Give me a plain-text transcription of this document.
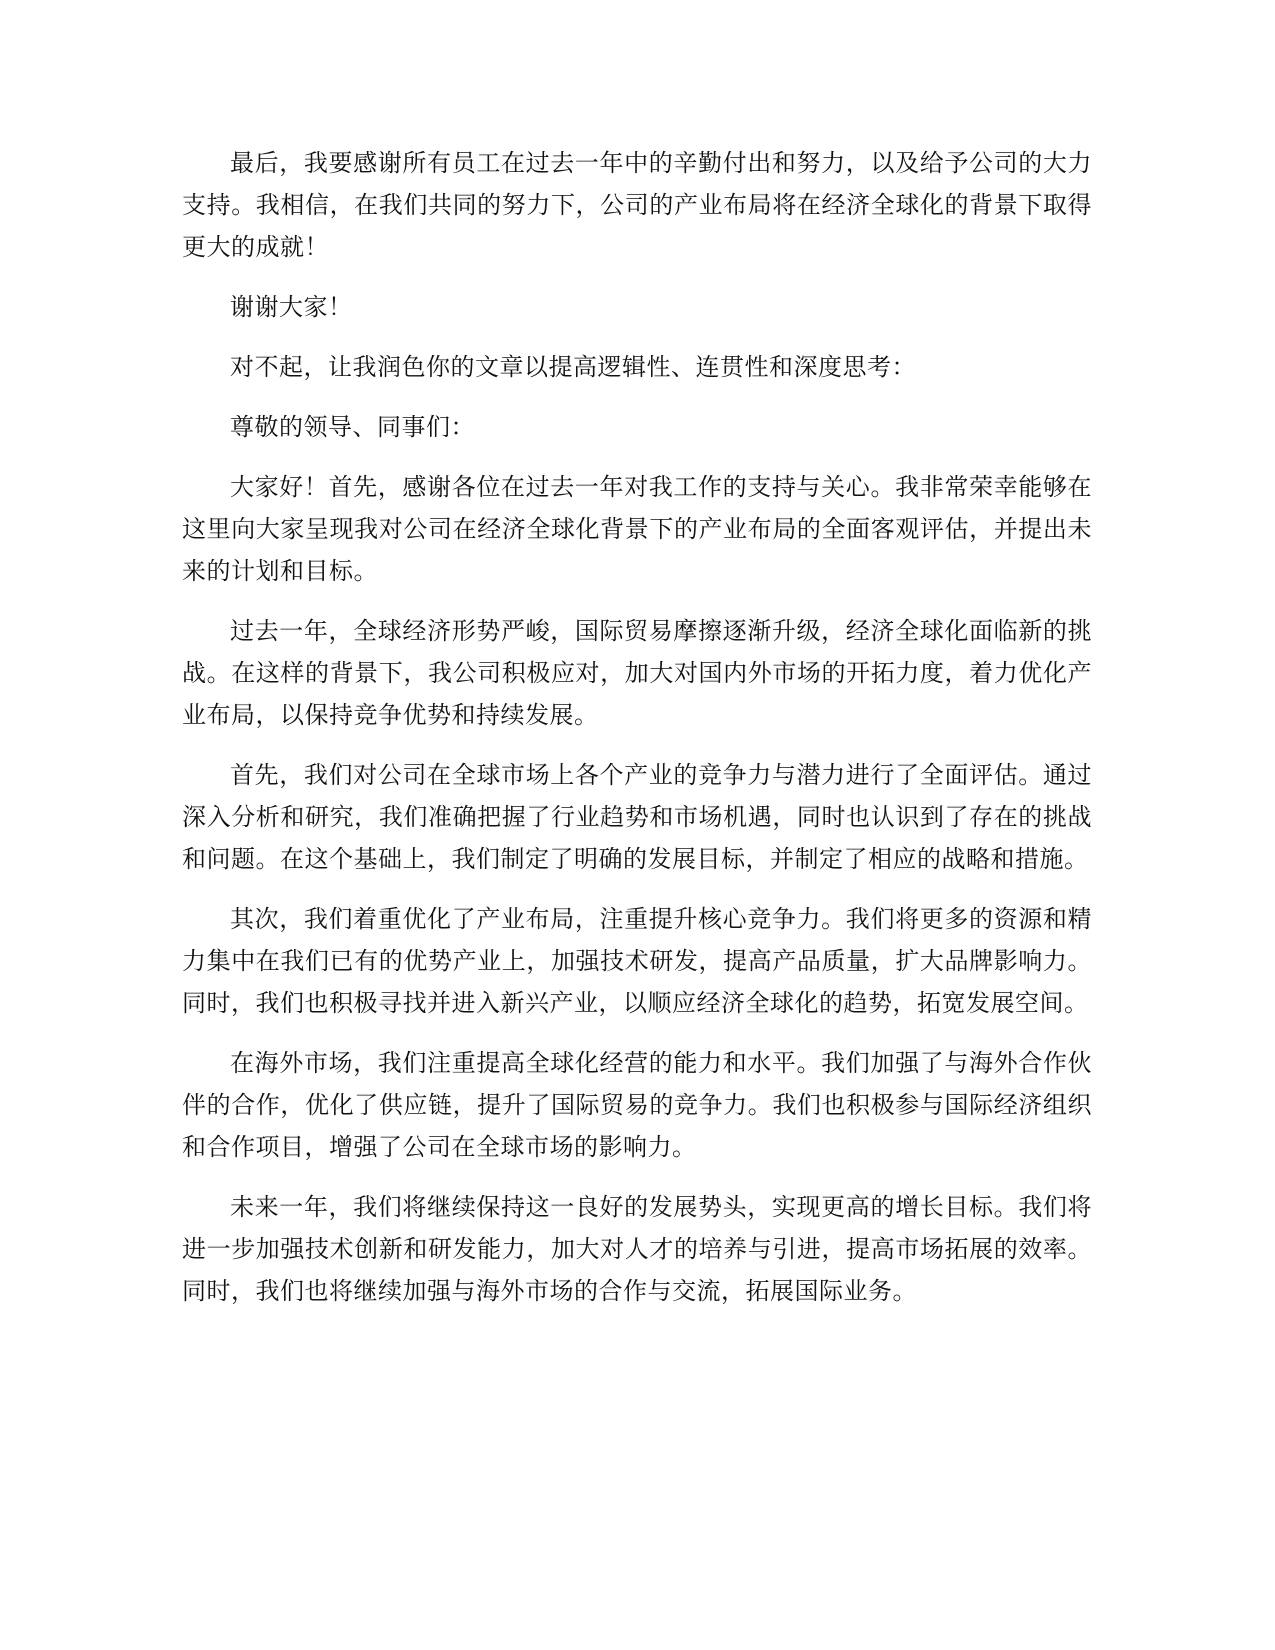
最后，我要感谢所有员工在过去一年中的辛勤付出和努力，以及给予公司的大力支持。我相信，在我们共同的努力下，公司的产业布局将在经济全球化的背景下取得更大的成就！

谢谢大家！

对不起，让我润色你的文章以提高逻辑性、连贯性和深度思考：

尊敬的领导、同事们：

大家好！首先，感谢各位在过去一年对我工作的支持与关心。我非常荣幸能够在这里向大家呈现我对公司在经济全球化背景下的产业布局的全面客观评估，并提出未来的计划和目标。

过去一年，全球经济形势严峻，国际贸易摩擦逐渐升级，经济全球化面临新的挑战。在这样的背景下，我公司积极应对，加大对国内外市场的开拓力度，着力优化产业布局，以保持竞争优势和持续发展。

首先，我们对公司在全球市场上各个产业的竞争力与潜力进行了全面评估。通过深入分析和研究，我们准确把握了行业趋势和市场机遇，同时也认识到了存在的挑战和问题。在这个基础上，我们制定了明确的发展目标，并制定了相应的战略和措施。

其次，我们着重优化了产业布局，注重提升核心竞争力。我们将更多的资源和精力集中在我们已有的优势产业上，加强技术研发，提高产品质量，扩大品牌影响力。同时，我们也积极寻找并进入新兴产业，以顺应经济全球化的趋势，拓宽发展空间。

在海外市场，我们注重提高全球化经营的能力和水平。我们加强了与海外合作伙伴的合作，优化了供应链，提升了国际贸易的竞争力。我们也积极参与国际经济组织和合作项目，增强了公司在全球市场的影响力。

未来一年，我们将继续保持这一良好的发展势头，实现更高的增长目标。我们将进一步加强技术创新和研发能力，加大对人才的培养与引进，提高市场拓展的效率。同时，我们也将继续加强与海外市场的合作与交流，拓展国际业务。
